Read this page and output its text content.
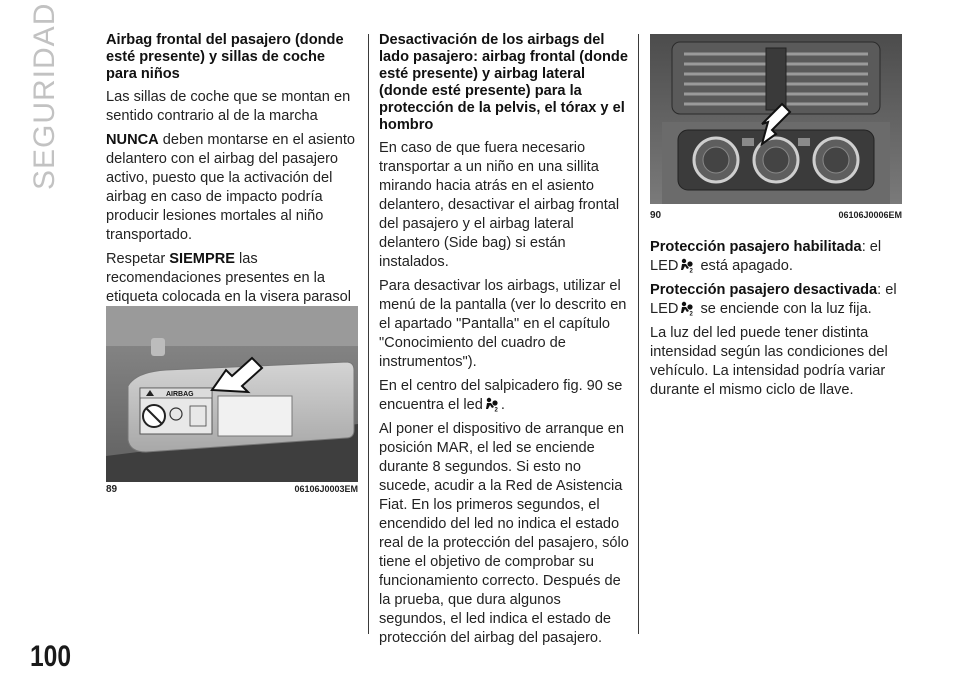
SEGURIDAD
100
Airbag frontal del pasajero (donde esté presente) y sillas de coche para niños
Las sillas de coche que se montan en sentido contrario al de la marcha
NUNCA deben montarse en el asiento delantero con el airbag del pasajero activo, puesto que la activación del airbag en caso de impacto podría producir lesiones mortales al niño transportado.
Respetar SIEMPRE las recomendaciones presentes en la etiqueta colocada en la visera parasol
AIRBAG
89	06106J0003EM
Desactivación de los airbags del lado pasajero: airbag frontal (donde esté presente) y airbag lateral (donde esté presente) para la protección de la pelvis, el tórax y el hombro
En caso de que fuera necesario transportar a un niño en una sillita mirando hacia atrás en el asiento delantero, desactivar el airbag frontal del pasajero y el airbag lateral delantero (Side bag) si están instalados.
Para desactivar los airbags, utilizar el menú de la pantalla (ver lo descrito en el apartado "Pantalla" en el capítulo "Conocimiento del cuadro de instrumentos").
En el centro del salpicadero fig. 90 se encuentra el led 2 .
Al poner el dispositivo de arranque en posición MAR, el led se enciende durante 8 segundos. Si esto no sucede, acudir a la Red de Asistencia Fiat. En los primeros segundos, el encendido del led no indica el estado real de la protección del pasajero, sólo tiene el objetivo de comprobar su funcionamiento correcto. Después de la prueba, que dura algunos segundos, el led indica el estado de protección del airbag del pasajero.
90	06106J0006EM
Protección pasajero habilitada: el LED 2 está apagado.
Protección pasajero desactivada: el LED 2 se enciende con la luz fija.
La luz del led puede tener distinta intensidad según las condiciones del vehículo. La intensidad podría variar durante el mismo ciclo de llave.
